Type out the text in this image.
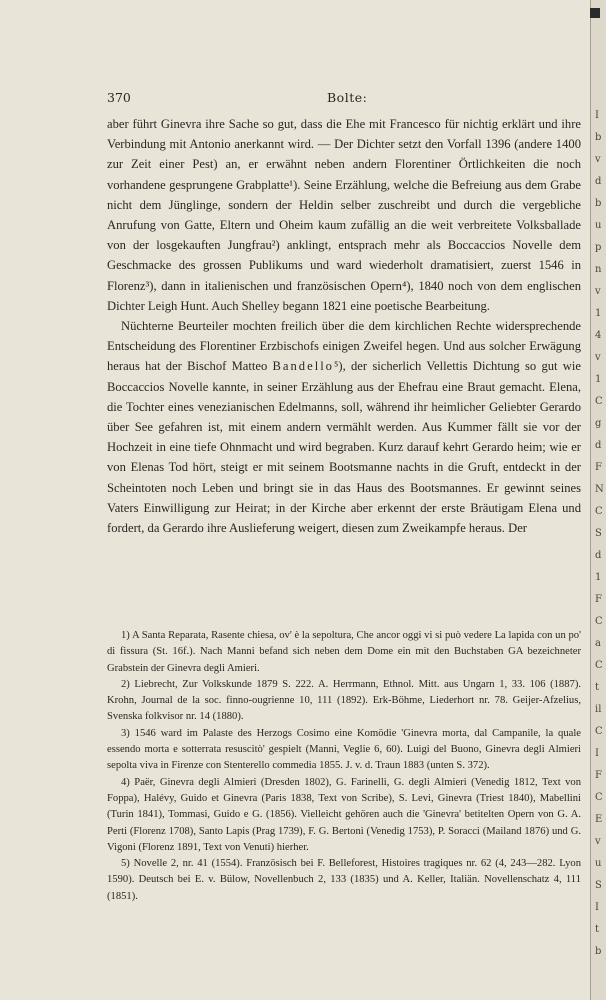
370	Bolte:

aber führt Ginevra ihre Sache so gut, dass die Ehe mit Francesco für nichtig erklärt und ihre Verbindung mit Antonio anerkannt wird. — Der Dichter setzt den Vorfall 1396 (andere 1400 zur Zeit einer Pest) an, er erwähnt neben andern Florentiner Örtlichkeiten die noch vorhandene gesprungene Grabplatte¹). Seine Erzählung, welche die Befreiung aus dem Grabe nicht dem Jünglinge, sondern der Heldin selber zuschreibt und durch die vergebliche Anrufung von Gatte, Eltern und Oheim kaum zufällig an die weit verbreitete Volksballade von der losgekauften Jungfrau²) anklingt, entsprach mehr als Boccaccios Novelle dem Geschmacke des grossen Publikums und ward wiederholt dramatisiert, zuerst 1546 in Florenz³), dann in italienischen und französischen Opern⁴), 1840 noch von dem englischen Dichter Leigh Hunt. Auch Shelley begann 1821 eine poetische Bearbeitung.

Nüchterne Beurteiler mochten freilich über die dem kirchlichen Rechte widersprechende Entscheidung des Florentiner Erzbischofs einigen Zweifel hegen. Und aus solcher Erwägung heraus hat der Bischof Matteo Bandello⁵), der sicherlich Vellettis Dichtung so gut wie Boccaccios Novelle kannte, in seiner Erzählung aus der Ehefrau eine Braut gemacht. Elena, die Tochter eines venezianischen Edelmanns, soll, während ihr heimlicher Geliebter Gerardo über See gefahren ist, mit einem andern vermählt werden. Aus Kummer fällt sie vor der Hochzeit in eine tiefe Ohnmacht und wird begraben. Kurz darauf kehrt Gerardo heim; wie er von Elenas Tod hört, steigt er mit seinem Bootsmanne nachts in die Gruft, entdeckt in der Scheintoten noch Leben und bringt sie in das Haus des Bootsmannes. Er gewinnt seines Vaters Einwilligung zur Heirat; in der Kirche aber erkennt der erste Bräutigam Elena und fordert, da Gerardo ihre Auslieferung weigert, diesen zum Zweikampfe heraus. Der

1) A Santa Reparata, Rasente chiesa, ov' è la sepoltura, Che ancor oggi vi si può vedere La lapida con un po' di fissura (St. 16f.). Nach Manni befand sich neben dem Dome ein mit den Buchstaben GA bezeichneter Grabstein der Ginevra degli Amieri.

2) Liebrecht, Zur Volkskunde 1879 S. 222. A. Herrmann, Ethnol. Mitt. aus Ungarn 1, 33. 106 (1887). Krohn, Journal de la soc. finno-ougrienne 10, 111 (1892). Erk-Böhme, Liederhort nr. 78. Geijer-Afzelius, Svenska folkvisor nr. 14 (1880).

3) 1546 ward im Palaste des Herzogs Cosimo eine Komödie 'Ginevra morta, dal Campanile, la quale essendo morta e sotterrata resuscitò' gespielt (Manni, Veglie 6, 60). Luigi del Buono, Ginevra degli Almieri sepolta viva in Firenze con Stenterello commedia 1855. J. v. d. Traun 1883 (unten S. 372).

4) Paër, Ginevra degli Almieri (Dresden 1802), G. Farinelli, G. degli Almieri (Venedig 1812, Text von Foppa), Halévy, Guido et Ginevra (Paris 1838, Text von Scribe), S. Levi, Ginevra (Triest 1840), Mabellini (Turin 1841), Tommasi, Guido e G. (1856). Vielleicht gehören auch die 'Ginevra' betitelten Opern von G. A. Perti (Florenz 1708), Santo Lapis (Prag 1739), F. G. Bertoni (Venedig 1753), P. Soracci (Mailand 1876) und G. Vigoni (Florenz 1891, Text von Venuti) hierher.

5) Novelle 2, nr. 41 (1554). Französisch bei F. Belleforest, Histoires tragiques nr. 62 (4, 243—282. Lyon 1590). Deutsch bei E. v. Bülow, Novellenbuch 2, 133 (1835) und A. Keller, Italiän. Novellenschatz 4, 111 (1851).

I
b
v
d
b
u
p
n
v
1
4
v
1
C
g
d
F
N
C
S
d
1
F
C
a
C
t
il
C
I
F
C
E
v
u
S
I
t
b
